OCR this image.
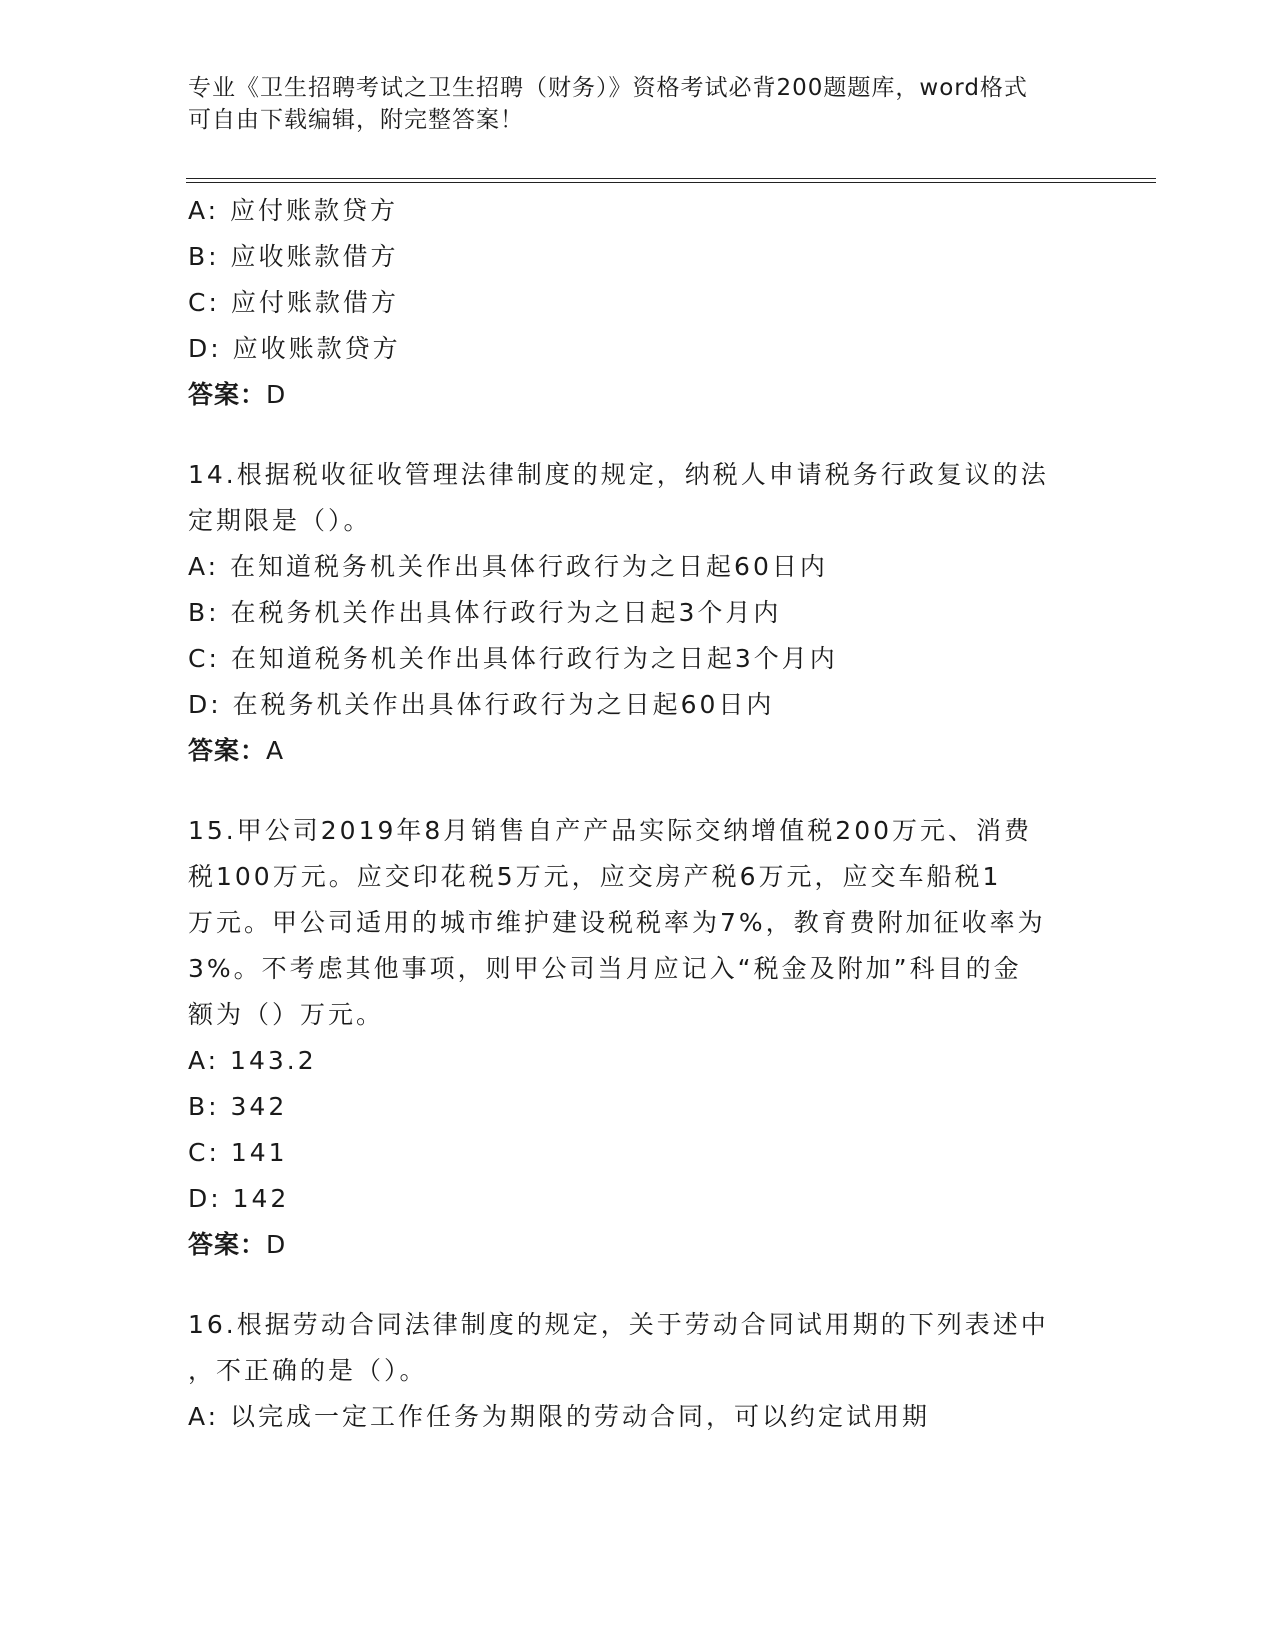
专业《卫生招聘考试之卫生招聘（财务）》资格考试必背200题题库，word格式
可自由下载编辑，附完整答案！
A: 应付账款贷方
B: 应收账款借方
C: 应付账款借方
D: 应收账款贷方
答案：D
14.根据税收征收管理法律制度的规定，纳税人申请税务行政复议的法
定期限是（）。
A: 在知道税务机关作出具体行政行为之日起60日内
B: 在税务机关作出具体行政行为之日起3个月内
C: 在知道税务机关作出具体行政行为之日起3个月内
D: 在税务机关作出具体行政行为之日起60日内
答案：A
15.甲公司2019年8月销售自产产品实际交纳增值税200万元、消费
税100万元。应交印花税5万元，应交房产税6万元，应交车船税1
万元。甲公司适用的城市维护建设税税率为7%，教育费附加征收率为
3%。不考虑其他事项，则甲公司当月应记入“税金及附加”科目的金
额为（）万元。
A: 143.2
B: 342
C: 141
D: 142
答案：D
16.根据劳动合同法律制度的规定，关于劳动合同试用期的下列表述中
，不正确的是（）。
A: 以完成一定工作任务为期限的劳动合同，可以约定试用期
